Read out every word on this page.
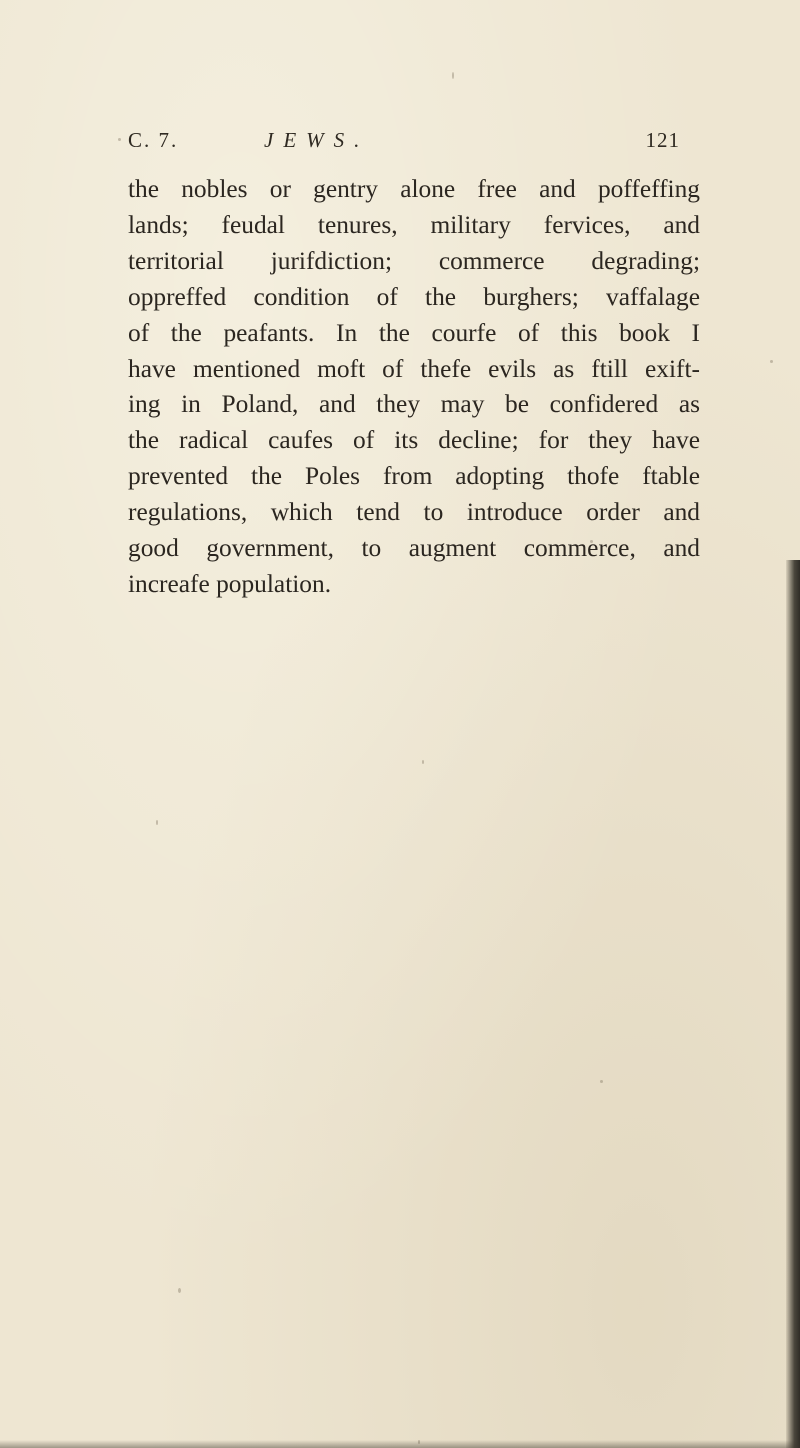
C. 7.	JEWS.	121
the nobles or gentry alone free and poffeffing
lands; feudal tenures, military fervices, and
territorial jurifdiction; commerce degrading;
oppreffed condition of the burghers; vaffalage
of the peafants. In the courfe of this book I
have mentioned moft of thefe evils as ftill exift-
ing in Poland, and they may be confidered as
the radical caufes of its decline; for they have
prevented the Poles from adopting thofe ftable
regulations, which tend to introduce order and
good government, to augment commerce, and
increafe population.
